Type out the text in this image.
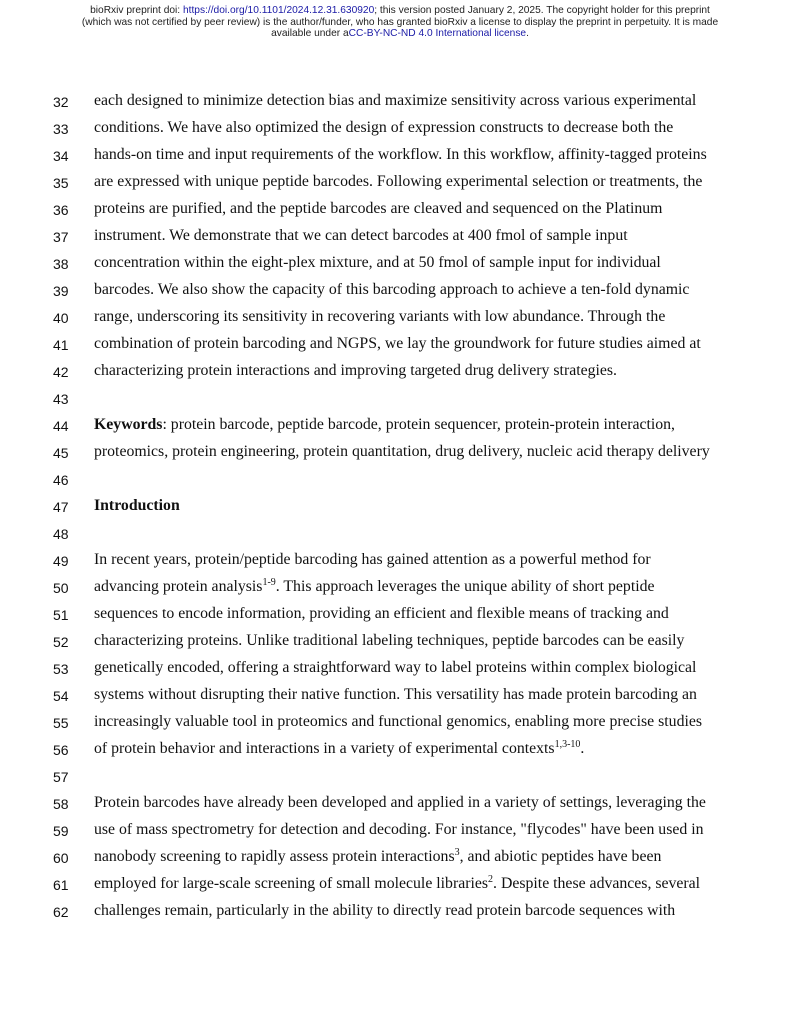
bioRxiv preprint doi: https://doi.org/10.1101/2024.12.31.630920; this version posted January 2, 2025. The copyright holder for this preprint
(which was not certified by peer review) is the author/funder, who has granted bioRxiv a license to display the preprint in perpetuity. It is made
available under aCC-BY-NC-ND 4.0 International license.
32 each designed to minimize detection bias and maximize sensitivity across various experimental
33 conditions. We have also optimized the design of expression constructs to decrease both the
34 hands-on time and input requirements of the workflow. In this workflow, affinity-tagged proteins
35 are expressed with unique peptide barcodes. Following experimental selection or treatments, the
36 proteins are purified, and the peptide barcodes are cleaved and sequenced on the Platinum
37 instrument. We demonstrate that we can detect barcodes at 400 fmol of sample input
38 concentration within the eight-plex mixture, and at 50 fmol of sample input for individual
39 barcodes. We also show the capacity of this barcoding approach to achieve a ten-fold dynamic
40 range, underscoring its sensitivity in recovering variants with low abundance. Through the
41 combination of protein barcoding and NGPS, we lay the groundwork for future studies aimed at
42 characterizing protein interactions and improving targeted drug delivery strategies.
43
44 Keywords: protein barcode, peptide barcode, protein sequencer, protein-protein interaction,
45 proteomics, protein engineering, protein quantitation, drug delivery, nucleic acid therapy delivery
46
47 Introduction
48
49 In recent years, protein/peptide barcoding has gained attention as a powerful method for
50 advancing protein analysis$^{1-9}$. This approach leverages the unique ability of short peptide
51 sequences to encode information, providing an efficient and flexible means of tracking and
52 characterizing proteins. Unlike traditional labeling techniques, peptide barcodes can be easily
53 genetically encoded, offering a straightforward way to label proteins within complex biological
54 systems without disrupting their native function. This versatility has made protein barcoding an
55 increasingly valuable tool in proteomics and functional genomics, enabling more precise studies
56 of protein behavior and interactions in a variety of experimental contexts$^{1,3-10}$.
57
58 Protein barcodes have already been developed and applied in a variety of settings, leveraging the
59 use of mass spectrometry for detection and decoding. For instance, "flycodes" have been used in
60 nanobody screening to rapidly assess protein interactions$^3$, and abiotic peptides have been
61 employed for large-scale screening of small molecule libraries$^2$. Despite these advances, several
62 challenges remain, particularly in the ability to directly read protein barcode sequences with
